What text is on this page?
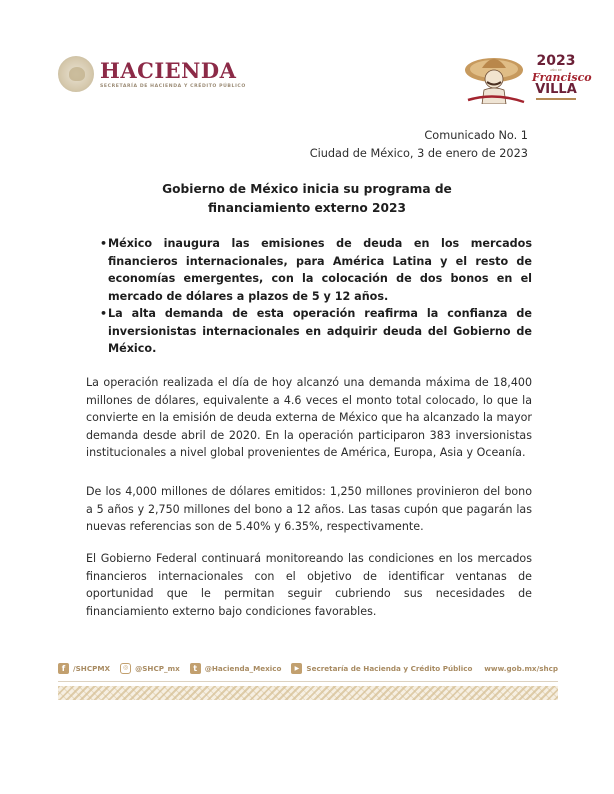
HACIENDA
SECRETARÍA DE HACIENDA Y CRÉDITO PÚBLICO
2023
AÑO DE
Francisco
VILLA
Comunicado No. 1
Ciudad de México, 3 de enero de 2023
Gobierno de México inicia su programa de
financiamiento externo 2023
• México inaugura las emisiones de deuda en los mercados financieros internacionales, para América Latina y el resto de economías emergentes, con la colocación de dos bonos en el mercado de dólares a plazos de 5 y 12 años.
• La alta demanda de esta operación reafirma la confianza de inversionistas internacionales en adquirir deuda del Gobierno de México.

La operación realizada el día de hoy alcanzó una demanda máxima de 18,400 millones de dólares, equivalente a 4.6 veces el monto total colocado, lo que la convierte en la emisión de deuda externa de México que ha alcanzado la mayor demanda desde abril de 2020. En la operación participaron 383 inversionistas institucionales a nivel global provenientes de América, Europa, Asia y Oceanía.

De los 4,000 millones de dólares emitidos: 1,250 millones provinieron del bono a 5 años y 2,750 millones del bono a 12 años. Las tasas cupón que pagarán las nuevas referencias son de 5.40% y 6.35%, respectivamente.

El Gobierno Federal continuará monitoreando las condiciones en los mercados financieros internacionales con el objetivo de identificar ventanas de oportunidad que le permitan seguir cubriendo sus necesidades de financiamiento externo bajo condiciones favorables.

f	/SHCPMX	◎ @SHCP_mx	t	@Hacienda_Mexico	▶ Secretaría de Hacienda y Crédito Público www.gob.mx/shcp
